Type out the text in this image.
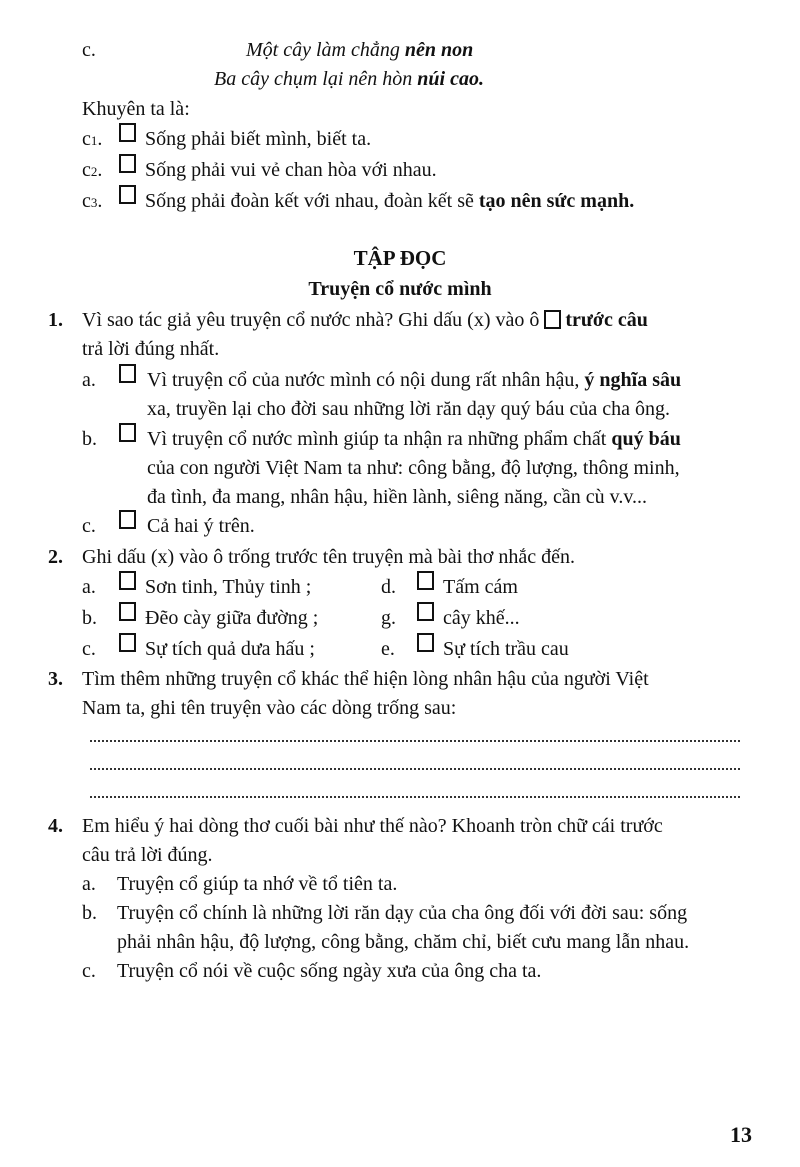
c.	Một cây làm chẳng nên non
Ba cây chụm lại nên hòn núi cao.
Khuyên ta là:
c1. Sống phải biết mình, biết ta.
c2. Sống phải vui vẻ chan hòa với nhau.
c3. Sống phải đoàn kết với nhau, đoàn kết sẽ tạo nên sức mạnh.
TẬP ĐỌC
Truyện cổ nước mình
1. Vì sao tác giả yêu truyện cổ nước nhà? Ghi dấu (x) vào ô trước câu
trả lời đúng nhất.
a.	Vì truyện cổ của nước mình có nội dung rất nhân hậu, ý nghĩa sâu
xa, truyền lại cho đời sau những lời răn dạy quý báu của cha ông.
b.	Vì truyện cổ nước mình giúp ta nhận ra những phẩm chất quý báu
của con người Việt Nam ta như: công bằng, độ lượng, thông minh,
đa tình, đa mang, nhân hậu, hiền lành, siêng năng, cần cù v.v...
c.	Cả hai ý trên.
2. Ghi dấu (x) vào ô trống trước tên truyện mà bài thơ nhắc đến.
a. Sơn tinh, Thủy tinh ;	d. Tấm cám
b. Đẽo cày giữa đường ;	g. cây khế...
c. Sự tích quả dưa hấu ;	e. Sự tích trầu cau
3. Tìm thêm những truyện cổ khác thể hiện lòng nhân hậu của người Việt
Nam ta, ghi tên truyện vào các dòng trống sau:
4. Em hiểu ý hai dòng thơ cuối bài như thế nào? Khoanh tròn chữ cái trước
câu trả lời đúng.
a. Truyện cổ giúp ta nhớ về tổ tiên ta.
b. Truyện cổ chính là những lời răn dạy của cha ông đối với đời sau: sống
phải nhân hậu, độ lượng, công bằng, chăm chỉ, biết cưu mang lẫn nhau.
c. Truyện cổ nói về cuộc sống ngày xưa của ông cha ta.
13
